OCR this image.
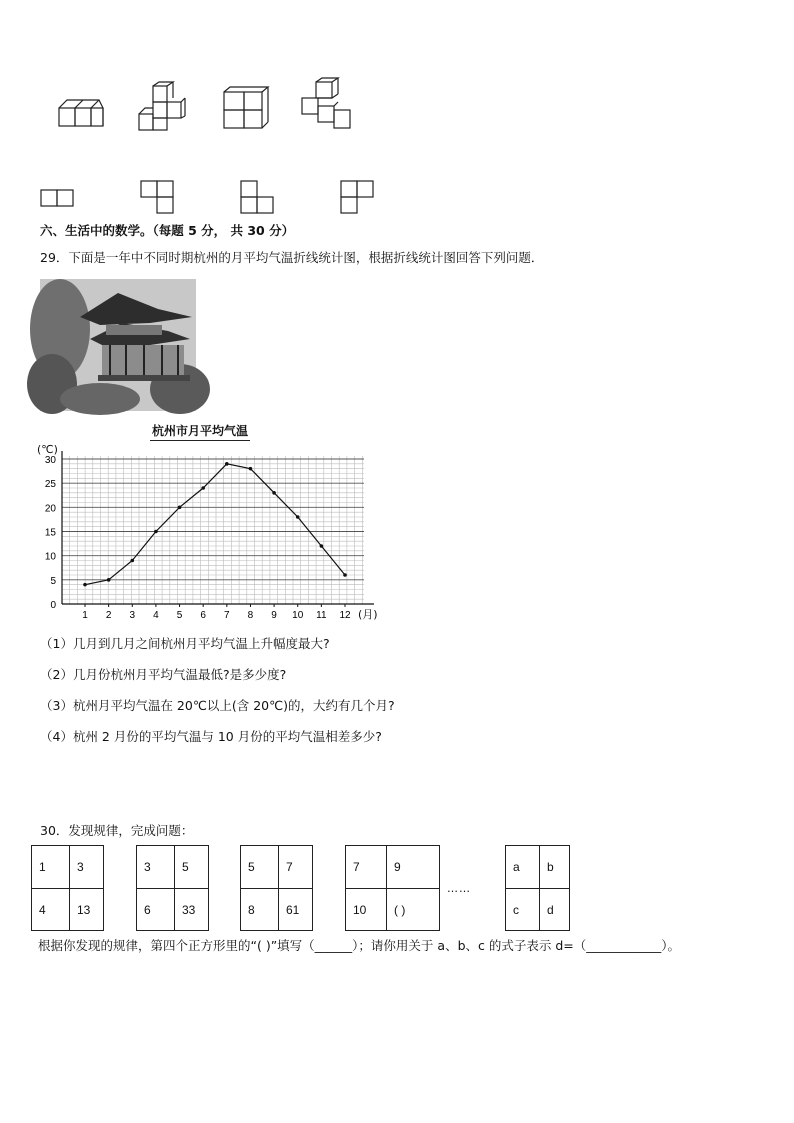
六、生活中的数学。（每题 5 分， 共 30 分）
29．下面是一年中不同时期杭州的月平均气温折线统计图，根据折线统计图回答下列问题．
杭州市月平均气温
(℃)
(月)
0
5
10
15
20
25
30
1 2 3 4 5 6 7 8 9 10 11 12
（1）几月到几月之间杭州月平均气温上升幅度最大?
（2）几月份杭州月平均气温最低?是多少度?
（3）杭州月平均气温在 20℃以上(含 20℃)的，大约有几个月?
（4）杭州 2 月份的平均气温与 10 月份的平均气温相差多少?
30．发现规律，完成问题：
1	3
4	13
3	5
6	33
5	7
8	61
7	9
10 ( )
a b
c d
……
根据你发现的规律，第四个正方形里的“( )”填写（______）；请你用关于 a、b、c 的式子表示 d=（____________）。
